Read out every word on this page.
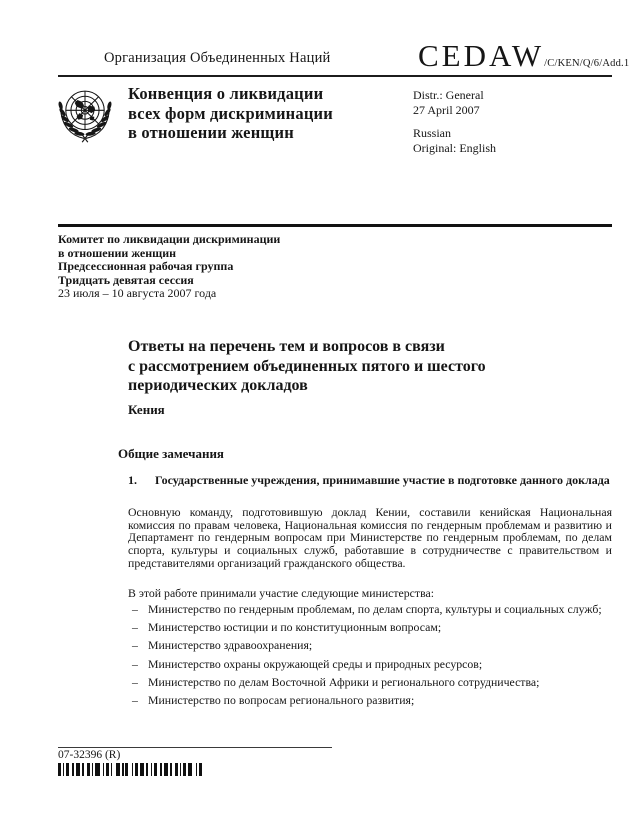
Организация Объединенных Наций	CEDAW /C/KEN/Q/6/Add.1
Конвенция о ликвидации
всех форм дискриминации
в отношении женщин
Distr.: General
27 April 2007
Russian
Original: English
Комитет по ликвидации дискриминации
в отношении женщин
Предсессионная рабочая группа
Тридцать девятая сессия
23 июля – 10 августа 2007 года
Ответы на перечень тем и вопросов в связи
с рассмотрением объединенных пятого и шестого
периодических докладов
Кения
Общие замечания

1. Государственные учреждения, принимавшие участие в подготовке данного доклада

Основную команду, подготовившую доклад Кении, составили кенийская Национальная комиссия по правам человека, Национальная комиссия по гендерным проблемам и развитию и Департамент по гендерным вопросам при Министерстве по гендерным проблемам, по делам спорта, культуры и социальных служб, работавшие в сотрудничестве с правительством и представителями организаций гражданского общества.

В этой работе принимали участие следующие министерства:

– Министерство по гендерным проблемам, по делам спорта, культуры и социальных служб;

– Министерство юстиции и по конституционным вопросам;

– Министерство здравоохранения;

– Министерство охраны окружающей среды и природных ресурсов;

– Министерство по делам Восточной Африки и регионального сотрудничества;

– Министерство по вопросам регионального развития;

07-32396 (R)
